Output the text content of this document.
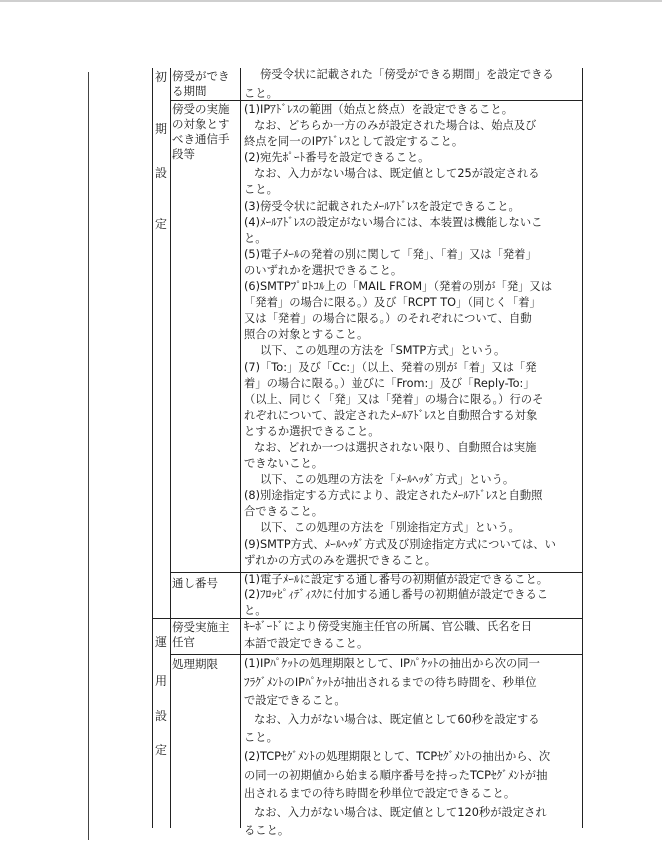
初
期
設
定
運
用
設
定
傍受ができ
る期間
傍受令状に記載された「傍受ができる期間」を設定できる
こと。
傍受の実施
の対象とす
べき通信手
段等
(1)IPｱﾄﾞﾚｽの範囲（始点と終点）を設定できること。
なお、どちらか一方のみが設定された場合は、始点及び
終点を同一のIPｱﾄﾞﾚｽとして設定すること。
(2)宛先ﾎﾟｰﾄ番号を設定できること。
なお、入力がない場合は、既定値として25が設定される
こと。
(3)傍受令状に記載されたﾒｰﾙｱﾄﾞﾚｽを設定できること。
(4)ﾒｰﾙｱﾄﾞﾚｽの設定がない場合には、本装置は機能しないこ
と。
(5)電子ﾒｰﾙの発着の別に関して「発」、「着」又は「発着」
のいずれかを選択できること。
(6)SMTPﾌﾟﾛﾄｺﾙ上の「MAIL FROM」（発着の別が「発」又は
「発着」の場合に限る。）及び「RCPT TO」（同じく「着」
又は「発着」の場合に限る。）のそれぞれについて、自動
照合の対象とすること。
以下、この処理の方法を「SMTP方式」という。
(7)「To:」及び「Cc:」（以上、発着の別が「着」又は「発
着」の場合に限る。）並びに「From:」及び「Reply-To:」
（以上、同じく「発」又は「発着」の場合に限る。）行のそ
れぞれについて、設定されたﾒｰﾙｱﾄﾞﾚｽと自動照合する対象
とするか選択できること。
なお、どれか一つは選択されない限り、自動照合は実施
できないこと。
以下、この処理の方法を「ﾒｰﾙﾍｯﾀﾞ方式」という。
(8)別途指定する方式により、設定されたﾒｰﾙｱﾄﾞﾚｽと自動照
合できること。
以下、この処理の方法を「別途指定方式」という。
(9)SMTP方式、ﾒｰﾙﾍｯﾀﾞ方式及び別途指定方式については、い
ずれかの方式のみを選択できること。
通し番号	(1)電子ﾒｰﾙに設定する通し番号の初期値が設定できること。
(2)ﾌﾛｯﾋﾟｨﾃﾞｨｽｸに付加する通し番号の初期値が設定できるこ
と。
傍受実施主
任官
ｷｰﾎﾞｰﾄﾞにより傍受実施主任官の所属、官公職、氏名を日
本語で設定できること。
処理期限	(1)IPﾊﾟｹｯﾄの処理期限として、IPﾊﾟｹｯﾄの抽出から次の同一
ﾌﾗｸﾞﾒﾝﾄのIPﾊﾟｹｯﾄが抽出されるまでの待ち時間を、秒単位
で設定できること。
なお、入力がない場合は、既定値として60秒を設定する
こと。
(2)TCPｾｸﾞﾒﾝﾄの処理期限として、TCPｾｸﾞﾒﾝﾄの抽出から、次
の同一の初期値から始まる順序番号を持ったTCPｾｸﾞﾒﾝﾄが抽
出されるまでの待ち時間を秒単位で設定できること。
なお、入力がない場合は、既定値として120秒が設定され
ること。
